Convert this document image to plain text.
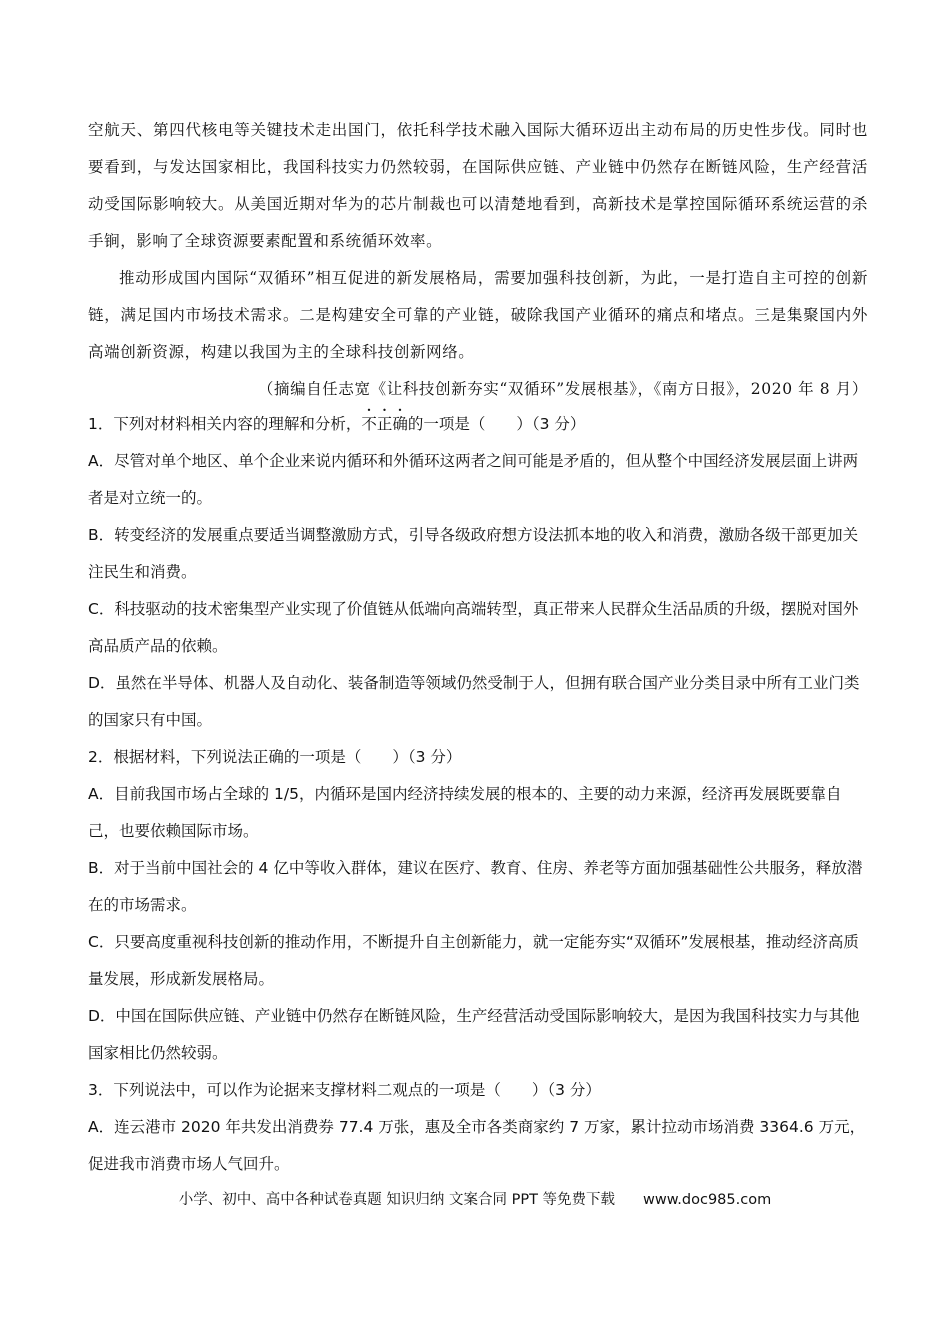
空航天、第四代核电等关键技术走出国门，依托科学技术融入国际大循环迈出主动布局的历史性步伐。同时也要看到，与发达国家相比，我国科技实力仍然较弱，在国际供应链、产业链中仍然存在断链风险，生产经营活动受国际影响较大。从美国近期对华为的芯片制裁也可以清楚地看到，高新技术是掌控国际循环系统运营的杀手锏，影响了全球资源要素配置和系统循环效率。

推动形成国内国际“双循环”相互促进的新发展格局，需要加强科技创新，为此，一是打造自主可控的创新链，满足国内市场技术需求。二是构建安全可靠的产业链，破除我国产业循环的痛点和堵点。三是集聚国内外高端创新资源，构建以我国为主的全球科技创新网络。

（摘编自任志宽《让科技创新夯实“双循环”发展根基》，《南方日报》，2020 年 8 月）

1．下列对材料相关内容的理解和分析，不正确的一项是（　　）（3 分）

A．尽管对单个地区、单个企业来说内循环和外循环这两者之间可能是矛盾的，但从整个中国经济发展层面上讲两者是对立统一的。

B．转变经济的发展重点要适当调整激励方式，引导各级政府想方设法抓本地的收入和消费，激励各级干部更加关注民生和消费。

C．科技驱动的技术密集型产业实现了价值链从低端向高端转型，真正带来人民群众生活品质的升级，摆脱对国外高品质产品的依赖。

D．虽然在半导体、机器人及自动化、装备制造等领域仍然受制于人，但拥有联合国产业分类目录中所有工业门类的国家只有中国。

2．根据材料，下列说法正确的一项是（　　）（3 分）

A．目前我国市场占全球的 1/5，内循环是国内经济持续发展的根本的、主要的动力来源，经济再发展既要靠自己，也要依赖国际市场。

B．对于当前中国社会的 4 亿中等收入群体，建议在医疗、教育、住房、养老等方面加强基础性公共服务，释放潜在的市场需求。

C．只要高度重视科技创新的推动作用，不断提升自主创新能力，就一定能夯实“双循环”发展根基，推动经济高质量发展，形成新发展格局。

D．中国在国际供应链、产业链中仍然存在断链风险，生产经营活动受国际影响较大，是因为我国科技实力与其他国家相比仍然较弱。

3．下列说法中，可以作为论据来支撑材料二观点的一项是（　　）（3 分）

A．连云港市 2020 年共发出消费券 77.4 万张，惠及全市各类商家约 7 万家，累计拉动市场消费 3364.6 万元，促进我市消费市场人气回升。

小学、初中、高中各种试卷真题 知识归纳 文案合同 PPT 等免费下载 www.doc985.com
